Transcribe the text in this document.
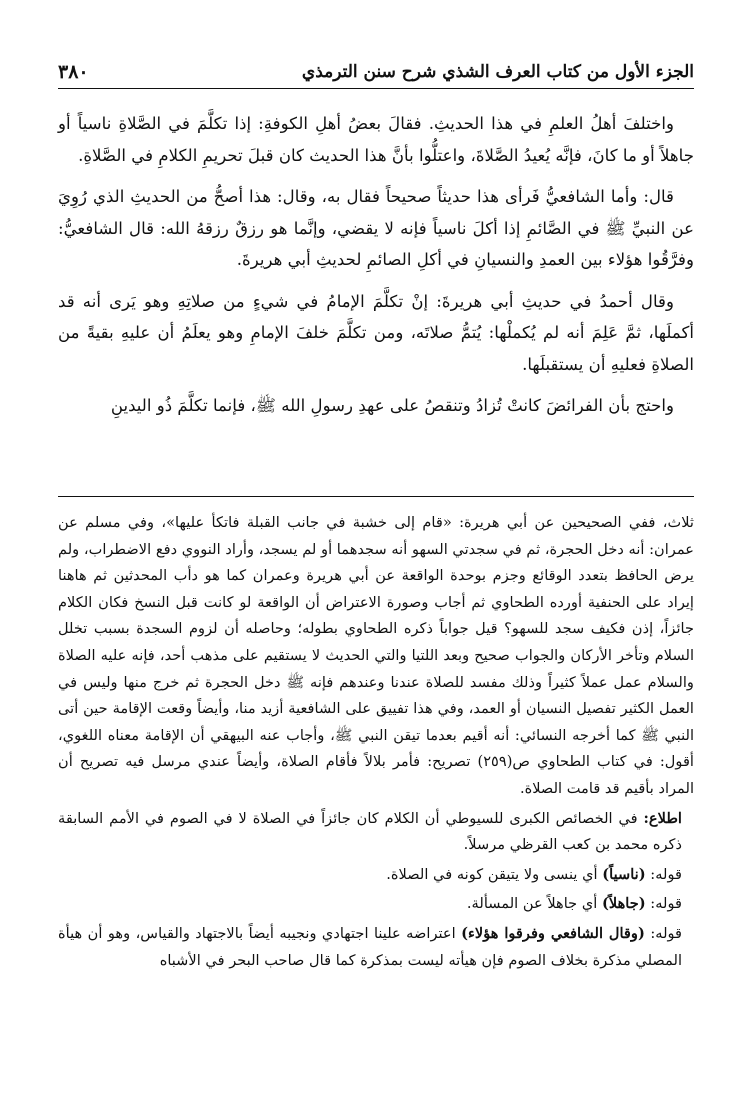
الجزء الأول من كتاب العرف الشذي شرح سنن الترمذي
٣٨٠

واختلفَ أهلُ العلمِ في هذا الحديثِ. فقالَ بعضُ أهلِ الكوفةِ: إذا تكلَّمَ في الصَّلاةِ ناسياً أو جاهلاً أو ما كانَ، فإنَّه يُعيدُ الصَّلاةَ، واعتلُّوا بأنَّ هذا الحديث كان قبلَ تحريمِ الكلامِ في الصَّلاةِ.

قال: وأما الشافعيُّ فَرأى هذا حديثاً صحيحاً فقال به، وقال: هذا أصحُّ من الحديثِ الذي رُوِيَ عن النبيِّ ﷺ في الصَّائمِ إذا أكلَ ناسياً فإنه لا يقضي، وإنَّما هو رزقٌ رزقهُ الله: قال الشافعيُّ: وفرَّقُوا هؤلاء بين العمدِ والنسيانِ في أكلِ الصائمِ لحديثِ أبي هريرةَ.

وقال أحمدُ في حديثِ أبي هريرةَ: إنْ تكلَّمَ الإمامُ في شيءٍ من صلاتِهِ وهو يَرى أنه قد أكملَها، ثمَّ عَلِمَ أنه لم يُكملْها: يُتمُّ صلاتَه، ومن تكلَّمَ خلفَ الإمامِ وهو يعلَمُ أن عليهِ بقيةً من الصلاةِ فعليهِ أن يستقبلَها.

واحتج بأن الفرائضَ كانتْ تُزادُ وتنقصُ على عهدِ رسولِ الله ﷺ، فإنما تكلَّمَ ذُو اليدينِ

ثلاث، ففي الصحيحين عن أبي هريرة: «قام إلى خشبة في جانب القبلة فاتكأ عليها»، وفي مسلم عن عمران: أنه دخل الحجرة، ثم في سجدتي السهو أنه سجدهما أو لم يسجد، وأراد النووي دفع الاضطراب، ولم يرض الحافظ بتعدد الوقائع وجزم بوحدة الواقعة عن أبي هريرة وعمران كما هو دأب المحدثين ثم هاهنا إيراد على الحنفية أورده الطحاوي ثم أجاب وصورة الاعتراض أن الواقعة لو كانت قبل النسخ فكان الكلام جائزاً، إذن فكيف سجد للسهو؟ قيل جواباً ذكره الطحاوي بطوله؛ وحاصله أن لزوم السجدة بسبب تخلل السلام وتأخر الأركان والجواب صحيح وبعد اللتيا والتي الحديث لا يستقيم على مذهب أحد، فإنه عليه الصلاة والسلام عمل عملاً كثيراً وذلك مفسد للصلاة عندنا وعندهم فإنه ﷺ دخل الحجرة ثم خرج منها وليس في العمل الكثير تفصيل النسيان أو العمد، وفي هذا تفييق على الشافعية أزيد منا، وأيضاً وقعت الإقامة حين أتى النبي ﷺ كما أخرجه النسائي: أنه أقيم بعدما تيقن النبي ﷺ، وأجاب عنه البيهقي أن الإقامة معناه اللغوي، أقول: في كتاب الطحاوي ص(٢٥٩) تصريح: فأمر بلالاً فأقام الصلاة، وأيضاً عندي مرسل فيه تصريح أن المراد بأقيم قد قامت الصلاة.

اطلاع: في الخصائص الكبرى للسيوطي أن الكلام كان جائزاً في الصلاة لا في الصوم في الأمم السابقة ذكره محمد بن كعب القرظي مرسلاً.

قوله: (ناسياً) أي ينسى ولا يتيقن كونه في الصلاة.

قوله: (جاهلاً) أي جاهلاً عن المسألة.

قوله: (وقال الشافعي وفرقوا هؤلاء) اعتراضه علينا اجتهادي ونجيبه أيضاً بالاجتهاد والقياس، وهو أن هيأة المصلي مذكرة بخلاف الصوم فإن هيأته ليست بمذكرة كما قال صاحب البحر في الأشباه
